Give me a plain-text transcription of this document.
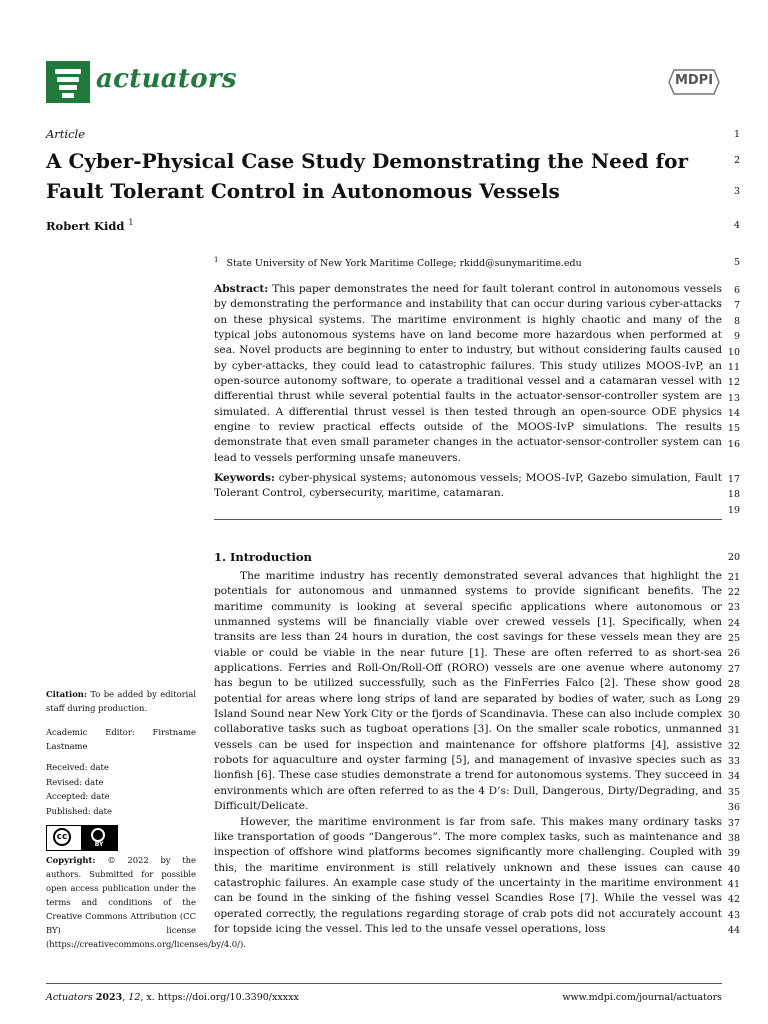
actuators	MDPI
Article
A Cyber-Physical Case Study Demonstrating the Need for Fault Tolerant Control in Autonomous Vessels
Robert Kidd $^1$
$^1$ State University of New York Maritime College; rkidd@sunymaritime.edu
Abstract: This paper demonstrates the need for fault tolerant control in autonomous vessels by demonstrating the performance and instability that can occur during various cyber-attacks on these physical systems. The maritime environment is highly chaotic and many of the typical jobs autonomous systems have on land become more hazardous when performed at sea. Novel products are beginning to enter to industry, but without considering faults caused by cyber-attacks, they could lead to catastrophic failures. This study utilizes MOOS-IvP, an open-source autonomy software, to operate a traditional vessel and a catamaran vessel with differential thrust while several potential faults in the actuator-sensor-controller system are simulated. A differential thrust vessel is then tested through an open-source ODE physics engine to review practical effects outside of the MOOS-IvP simulations. The results demonstrate that even small parameter changes in the actuator-sensor-controller system can lead to vessels performing unsafe maneuvers.
Keywords: cyber-physical systems; autonomous vessels; MOOS-IvP, Gazebo simulation, Fault Tolerant Control, cybersecurity, maritime, catamaran.
1. Introduction

The maritime industry has recently demonstrated several advances that highlight the potentials for autonomous and unmanned systems to provide significant benefits. The maritime community is looking at several specific applications where autonomous or unmanned systems will be financially viable over crewed vessels [1]. Specifically, when transits are less than 24 hours in duration, the cost savings for these vessels mean they are viable or could be viable in the near future [1]. These are often referred to as short-sea applications. Ferries and Roll-On/Roll-Off (RORO) vessels are one avenue where autonomy has begun to be utilized successfully, such as the FinFerries Falco [2]. These show good potential for areas where long strips of land are separated by bodies of water, such as Long Island Sound near New York City or the fjords of Scandinavia. These can also include complex collaborative tasks such as tugboat operations [3]. On the smaller scale robotics, unmanned vessels can be used for inspection and maintenance for offshore platforms [4], assistive robots for aquaculture and oyster farming [5], and management of invasive species such as lionfish [6]. These case studies demonstrate a trend for autonomous systems. They succeed in environments which are often referred to as the 4 D’s: Dull, Dangerous, Dirty/Degrading, and Difficult/Delicate.

However, the maritime environment is far from safe. This makes many ordinary tasks like transportation of goods “Dangerous”. The more complex tasks, such as maintenance and inspection of offshore wind platforms becomes significantly more challenging. Coupled with this, the maritime environment is still relatively unknown and these issues can cause catastrophic failures. An example case study of the uncertainty in the maritime environment can be found in the sinking of the fishing vessel Scandies Rose [7]. While the vessel was operated correctly, the regulations regarding storage of crab pots did not accurately account for topside icing the vessel. This led to the unsafe vessel operations, loss

1
2
3
4
5
6
7
8
9
10
11
12
13
14
15
16
17
18
19
20
21
22
23
24
25
26
27
28
29
30
31
32
33
34
35
36
37
38
39
40
41
42
43
44
Citation: To be added by editorial staff during production.
Academic Editor: Firstname Lastname
Received: date
Revised: date
Accepted: date
Published: date
cc
BY
Copyright: © 2022 by the authors. Submitted for possible open access publication under the terms and conditions of the Creative Commons Attribution (CC BY) license (https://creativecommons.org/licenses/by/4.0/).
Actuators 2023, 12, x. https://doi.org/10.3390/xxxxx	www.mdpi.com/journal/actuators
